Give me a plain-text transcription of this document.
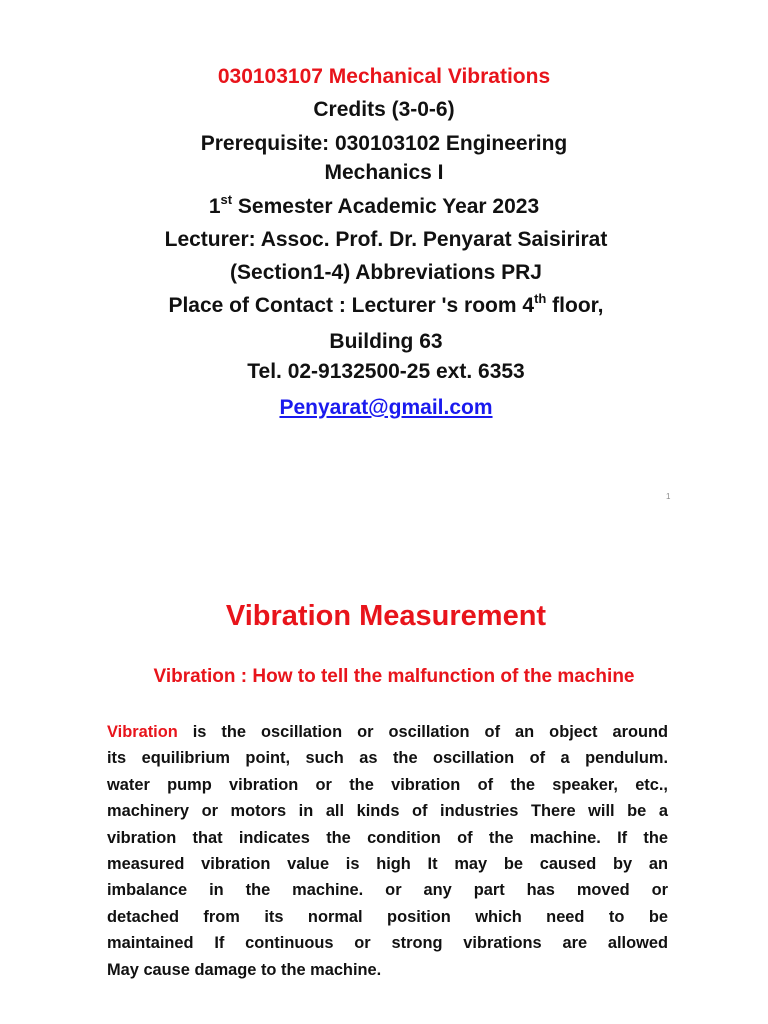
030103107 Mechanical Vibrations
Credits (3-0-6)
Prerequisite: 030103102 Engineering
Mechanics I
1st Semester Academic Year 2023
Lecturer: Assoc. Prof. Dr. Penyarat Saisirirat
(Section1-4) Abbreviations PRJ
Place of Contact : Lecturer 's room 4th floor,
Building 63
Tel. 02-9132500-25 ext. 6353
Penyarat@gmail.com
1
Vibration Measurement
Vibration : How to tell the malfunction of the machine
Vibration is the oscillation or oscillation of an object around
its equilibrium point, such as the oscillation of a pendulum.
water pump vibration or the vibration of the speaker, etc.,
machinery or motors in all kinds of industries There will be a
vibration that indicates the condition of the machine. If the
measured vibration value is high It may be caused by an
imbalance in the machine. or any part has moved or
detached from its normal position which need to be
maintained If continuous or strong vibrations are allowed
May cause damage to the machine.
